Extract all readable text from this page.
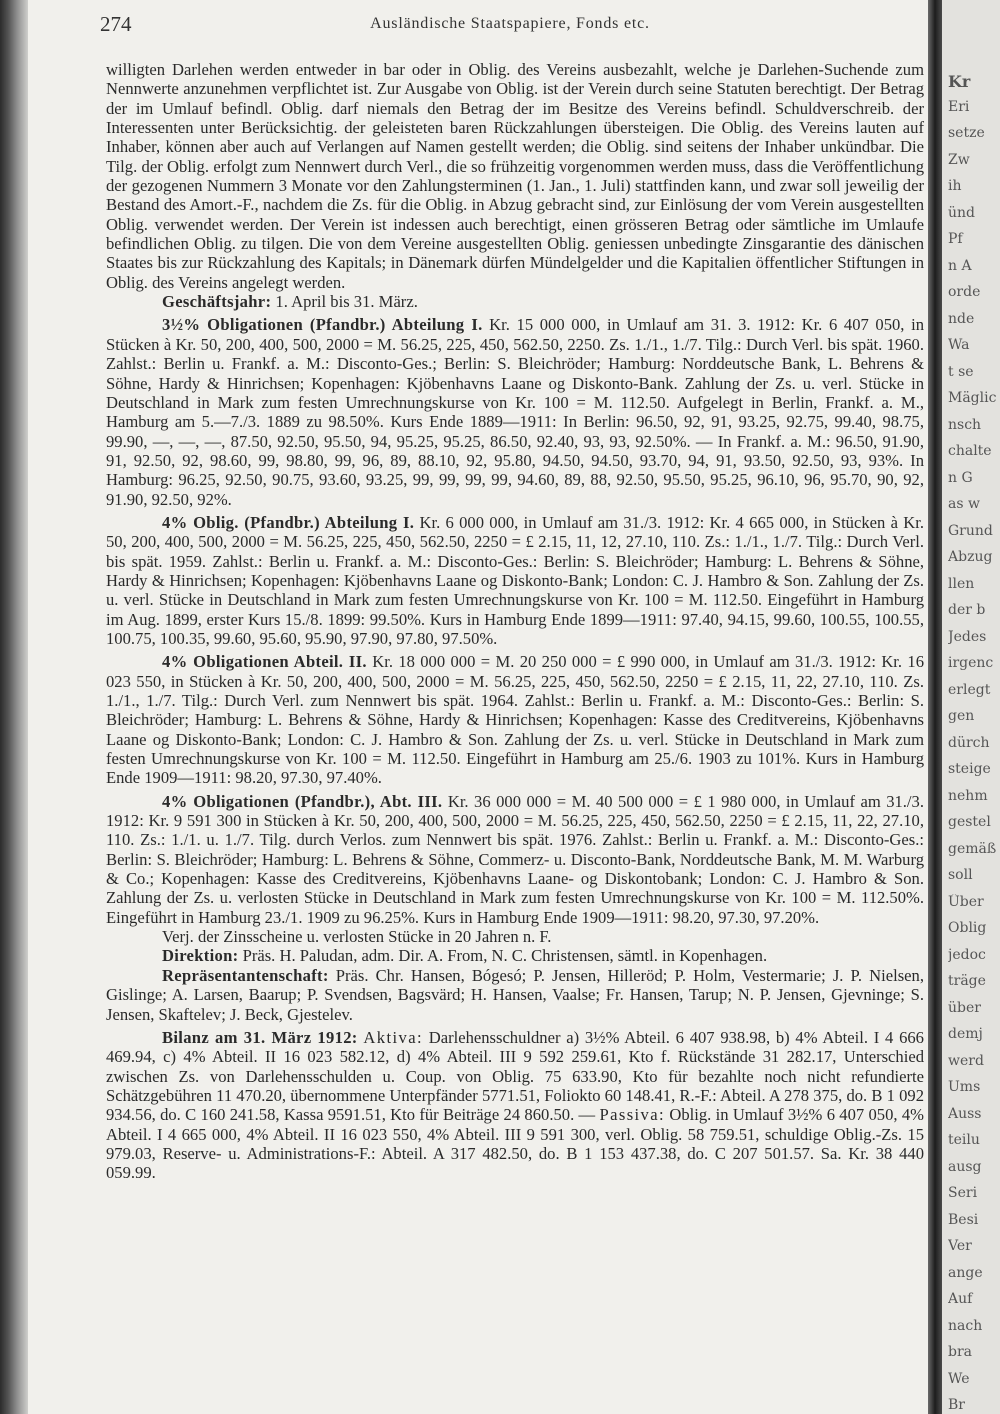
274	Ausländische Staatspapiere, Fonds etc.

willigten Darlehen werden entweder in bar oder in Oblig. des Vereins ausbezahlt, welche je Darlehen-Suchende zum Nennwerte anzunehmen verpflichtet ist. Zur Ausgabe von Oblig. ist der Verein durch seine Statuten berechtigt. Der Betrag der im Umlauf befindl. Oblig. darf niemals den Betrag der im Besitze des Vereins befindl. Schuldverschreib. der Interessenten unter Berücksichtig. der geleisteten baren Rückzahlungen übersteigen. Die Oblig. des Vereins lauten auf Inhaber, können aber auch auf Verlangen auf Namen gestellt werden; die Oblig. sind seitens der Inhaber unkündbar. Die Tilg. der Oblig. erfolgt zum Nennwert durch Verl., die so frühzeitig vorgenommen werden muss, dass die Veröffentlichung der gezogenen Nummern 3 Monate vor den Zahlungsterminen (1. Jan., 1. Juli) stattfinden kann, und zwar soll jeweilig der Bestand des Amort.-F., nachdem die Zs. für die Oblig. in Abzug gebracht sind, zur Einlösung der vom Verein ausgestellten Oblig. verwendet werden. Der Verein ist indessen auch berechtigt, einen grösseren Betrag oder sämtliche im Umlaufe befindlichen Oblig. zu tilgen. Die von dem Vereine ausgestellten Oblig. geniessen unbedingte Zinsgarantie des dänischen Staates bis zur Rückzahlung des Kapitals; in Dänemark dürfen Mündelgelder und die Kapitalien öffentlicher Stiftungen in Oblig. des Vereins angelegt werden.

Geschäftsjahr: 1. April bis 31. März.

3½% Obligationen (Pfandbr.) Abteilung I. Kr. 15 000 000, in Umlauf am 31. 3. 1912: Kr. 6 407 050, in Stücken à Kr. 50, 200, 400, 500, 2000 = M. 56.25, 225, 450, 562.50, 2250. Zs. 1./1., 1./7. Tilg.: Durch Verl. bis spät. 1960. Zahlst.: Berlin u. Frankf. a. M.: Disconto-Ges.; Berlin: S. Bleichröder; Hamburg: Norddeutsche Bank, L. Behrens & Söhne, Hardy & Hinrichsen; Kopenhagen: Kjöbenhavns Laane og Diskonto-Bank. Zahlung der Zs. u. verl. Stücke in Deutschland in Mark zum festen Umrechnungskurse von Kr. 100 = M. 112.50. Aufgelegt in Berlin, Frankf. a. M., Hamburg am 5.—7./3. 1889 zu 98.50%. Kurs Ende 1889—1911: In Berlin: 96.50, 92, 91, 93.25, 92.75, 99.40, 98.75, 99.90, —, —, —, 87.50, 92.50, 95.50, 94, 95.25, 95.25, 86.50, 92.40, 93, 93, 92.50%. — In Frankf. a. M.: 96.50, 91.90, 91, 92.50, 92, 98.60, 99, 98.80, 99, 96, 89, 88.10, 92, 95.80, 94.50, 94.50, 93.70, 94, 91, 93.50, 92.50, 93, 93%. In Hamburg: 96.25, 92.50, 90.75, 93.60, 93.25, 99, 99, 99, 99, 94.60, 89, 88, 92.50, 95.50, 95.25, 96.10, 96, 95.70, 90, 92, 91.90, 92.50, 92%.

4% Oblig. (Pfandbr.) Abteilung I. Kr. 6 000 000, in Umlauf am 31./3. 1912: Kr. 4 665 000, in Stücken à Kr. 50, 200, 400, 500, 2000 = M. 56.25, 225, 450, 562.50, 2250 = £ 2.15, 11, 12, 27.10, 110. Zs.: 1./1., 1./7. Tilg.: Durch Verl. bis spät. 1959. Zahlst.: Berlin u. Frankf. a. M.: Disconto-Ges.: Berlin: S. Bleichröder; Hamburg: L. Behrens & Söhne, Hardy & Hinrichsen; Kopenhagen: Kjöbenhavns Laane og Diskonto-Bank; London: C. J. Hambro & Son. Zahlung der Zs. u. verl. Stücke in Deutschland in Mark zum festen Umrechnungskurse von Kr. 100 = M. 112.50. Eingeführt in Hamburg im Aug. 1899, erster Kurs 15./8. 1899: 99.50%. Kurs in Hamburg Ende 1899—1911: 97.40, 94.15, 99.60, 100.55, 100.55, 100.75, 100.35, 99.60, 95.60, 95.90, 97.90, 97.80, 97.50%.

4% Obligationen Abteil. II. Kr. 18 000 000 = M. 20 250 000 = £ 990 000, in Umlauf am 31./3. 1912: Kr. 16 023 550, in Stücken à Kr. 50, 200, 400, 500, 2000 = M. 56.25, 225, 450, 562.50, 2250 = £ 2.15, 11, 22, 27.10, 110. Zs. 1./1., 1./7. Tilg.: Durch Verl. zum Nennwert bis spät. 1964. Zahlst.: Berlin u. Frankf. a. M.: Disconto-Ges.: Berlin: S. Bleichröder; Hamburg: L. Behrens & Söhne, Hardy & Hinrichsen; Kopenhagen: Kasse des Creditvereins, Kjöbenhavns Laane og Diskonto-Bank; London: C. J. Hambro & Son. Zahlung der Zs. u. verl. Stücke in Deutschland in Mark zum festen Umrechnungskurse von Kr. 100 = M. 112.50. Eingeführt in Hamburg am 25./6. 1903 zu 101%. Kurs in Hamburg Ende 1909—1911: 98.20, 97.30, 97.40%.

4% Obligationen (Pfandbr.), Abt. III. Kr. 36 000 000 = M. 40 500 000 = £ 1 980 000, in Umlauf am 31./3. 1912: Kr. 9 591 300 in Stücken à Kr. 50, 200, 400, 500, 2000 = M. 56.25, 225, 450, 562.50, 2250 = £ 2.15, 11, 22, 27.10, 110. Zs.: 1./1. u. 1./7. Tilg. durch Verlos. zum Nennwert bis spät. 1976. Zahlst.: Berlin u. Frankf. a. M.: Disconto-Ges.: Berlin: S. Bleichröder; Hamburg: L. Behrens & Söhne, Commerz- u. Disconto-Bank, Norddeutsche Bank, M. M. Warburg & Co.; Kopenhagen: Kasse des Creditvereins, Kjöbenhavns Laane- og Diskontobank; London: C. J. Hambro & Son. Zahlung der Zs. u. verlosten Stücke in Deutschland in Mark zum festen Umrechnungskurse von Kr. 100 = M. 112.50%. Eingeführt in Hamburg 23./1. 1909 zu 96.25%. Kurs in Hamburg Ende 1909—1911: 98.20, 97.30, 97.20%.

Verj. der Zinsscheine u. verlosten Stücke in 20 Jahren n. F.

Direktion: Präs. H. Paludan, adm. Dir. A. From, N. C. Christensen, sämtl. in Kopenhagen.

Repräsentantenschaft: Präs. Chr. Hansen, Bógesó; P. Jensen, Hilleröd; P. Holm, Vestermarie; J. P. Nielsen, Gislinge; A. Larsen, Baarup; P. Svendsen, Bagsvärd; H. Hansen, Vaalse; Fr. Hansen, Tarup; N. P. Jensen, Gjevninge; S. Jensen, Skaftelev; J. Beck, Gjestelev.

Bilanz am 31. März 1912: Aktiva: Darlehensschuldner a) 3½% Abteil. 6 407 938.98, b) 4% Abteil. I 4 666 469.94, c) 4% Abteil. II 16 023 582.12, d) 4% Abteil. III 9 592 259.61, Kto f. Rückstände 31 282.17, Unterschied zwischen Zs. von Darlehensschulden u. Coup. von Oblig. 75 633.90, Kto für bezahlte noch nicht refundierte Schätzgebühren 11 470.20, übernommene Unterpfänder 5771.51, Foliokto 60 148.41, R.-F.: Abteil. A 278 375, do. B 1 092 934.56, do. C 160 241.58, Kassa 9591.51, Kto für Beiträge 24 860.50. — Passiva: Oblig. in Umlauf 3½% 6 407 050, 4% Abteil. I 4 665 000, 4% Abteil. II 16 023 550, 4% Abteil. III 9 591 300, verl. Oblig. 58 759.51, schuldige Oblig.-Zs. 15 979.03, Reserve- u. Administrations-F.: Abteil. A 317 482.50, do. B 1 153 437.38, do. C 207 501.57. Sa. Kr. 38 440 059.99.

Kr
Eri
setze
Zw
ih
ünd
Pf
n A
orde
nde
Wa
t se
Mäglic
nsch
chalte
n G
as w
Grund
Abzug
llen
der b
Jedes
irgenc
erlegt
gen
dürch
steige
nehm
gestel
gemäß
soll
Über
Oblig
jedoc
träge
über
demj
werd
Ums
Auss
teilu
ausg
Seri
Besi
Ver
ange
Auf
nach
bra
We
Br
